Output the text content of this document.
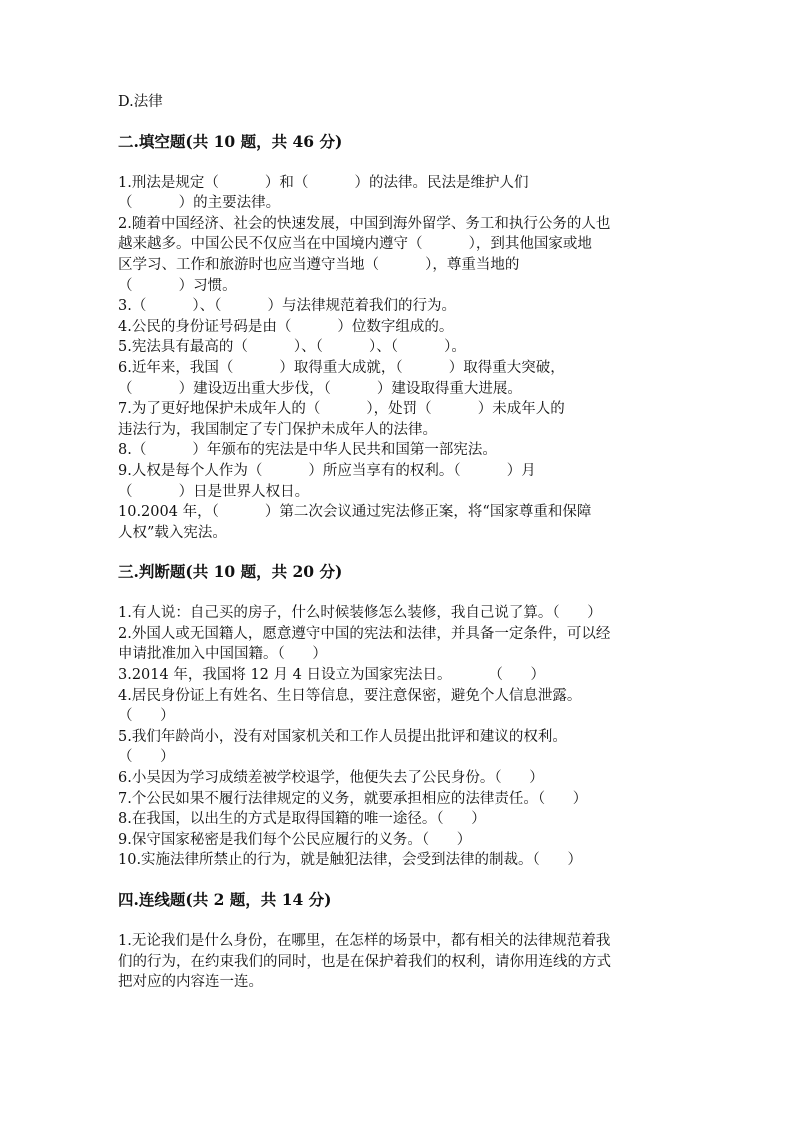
D.法律
二.填空题(共 10 题，共 46 分)
1.刑法是规定（          ）和（          ）的法律。民法是维护人们
（          ）的主要法律。
2.随着中国经济、社会的快速发展，中国到海外留学、务工和执行公务的人也
越来越多。中国公民不仅应当在中国境内遵守（          ），到其他国家或地
区学习、工作和旅游时也应当遵守当地（          ），尊重当地的
（          ）习惯。
3.（          ）、（          ）与法律规范着我们的行为。
4.公民的身份证号码是由（          ）位数字组成的。
5.宪法具有最高的（          ）、（          ）、（          ）。
6.近年来，我国（          ）取得重大成就，（          ）取得重大突破，
（          ）建设迈出重大步伐，（          ）建设取得重大进展。
7.为了更好地保护未成年人的（          ），处罚（          ）未成年人的
违法行为，我国制定了专门保护未成年人的法律。
8.（          ）年颁布的宪法是中华人民共和国第一部宪法。
9.人权是每个人作为（          ）所应当享有的权利。（          ）月
（          ）日是世界人权日。
10.2004 年，（          ）第二次会议通过宪法修正案，将“国家尊重和保障
人权”载入宪法。
三.判断题(共 10 题，共 20 分)
1.有人说：自己买的房子，什么时候装修怎么装修，我自己说了算。（      ）
2.外国人或无国籍人，愿意遵守中国的宪法和法律，并具备一定条件，可以经
申请批准加入中国国籍。（      ）
3.2014 年，我国将 12 月 4 日设立为国家宪法日。        （      ）
4.居民身份证上有姓名、生日等信息，要注意保密，避免个人信息泄露。
（      ）
5.我们年龄尚小，没有对国家机关和工作人员提出批评和建议的权利。
（      ）
6.小吴因为学习成绩差被学校退学，他便失去了公民身份。（      ）
7.个公民如果不履行法律规定的义务，就要承担相应的法律责任。（      ）
8.在我国，以出生的方式是取得国籍的唯一途径。（      ）
9.保守国家秘密是我们每个公民应履行的义务。（      ）
10.实施法律所禁止的行为，就是触犯法律，会受到法律的制裁。（      ）
四.连线题(共 2 题，共 14 分)
1.无论我们是什么身份，在哪里，在怎样的场景中，都有相关的法律规范着我
们的行为，在约束我们的同时，也是在保护着我们的权利，请你用连线的方式
把对应的内容连一连。
